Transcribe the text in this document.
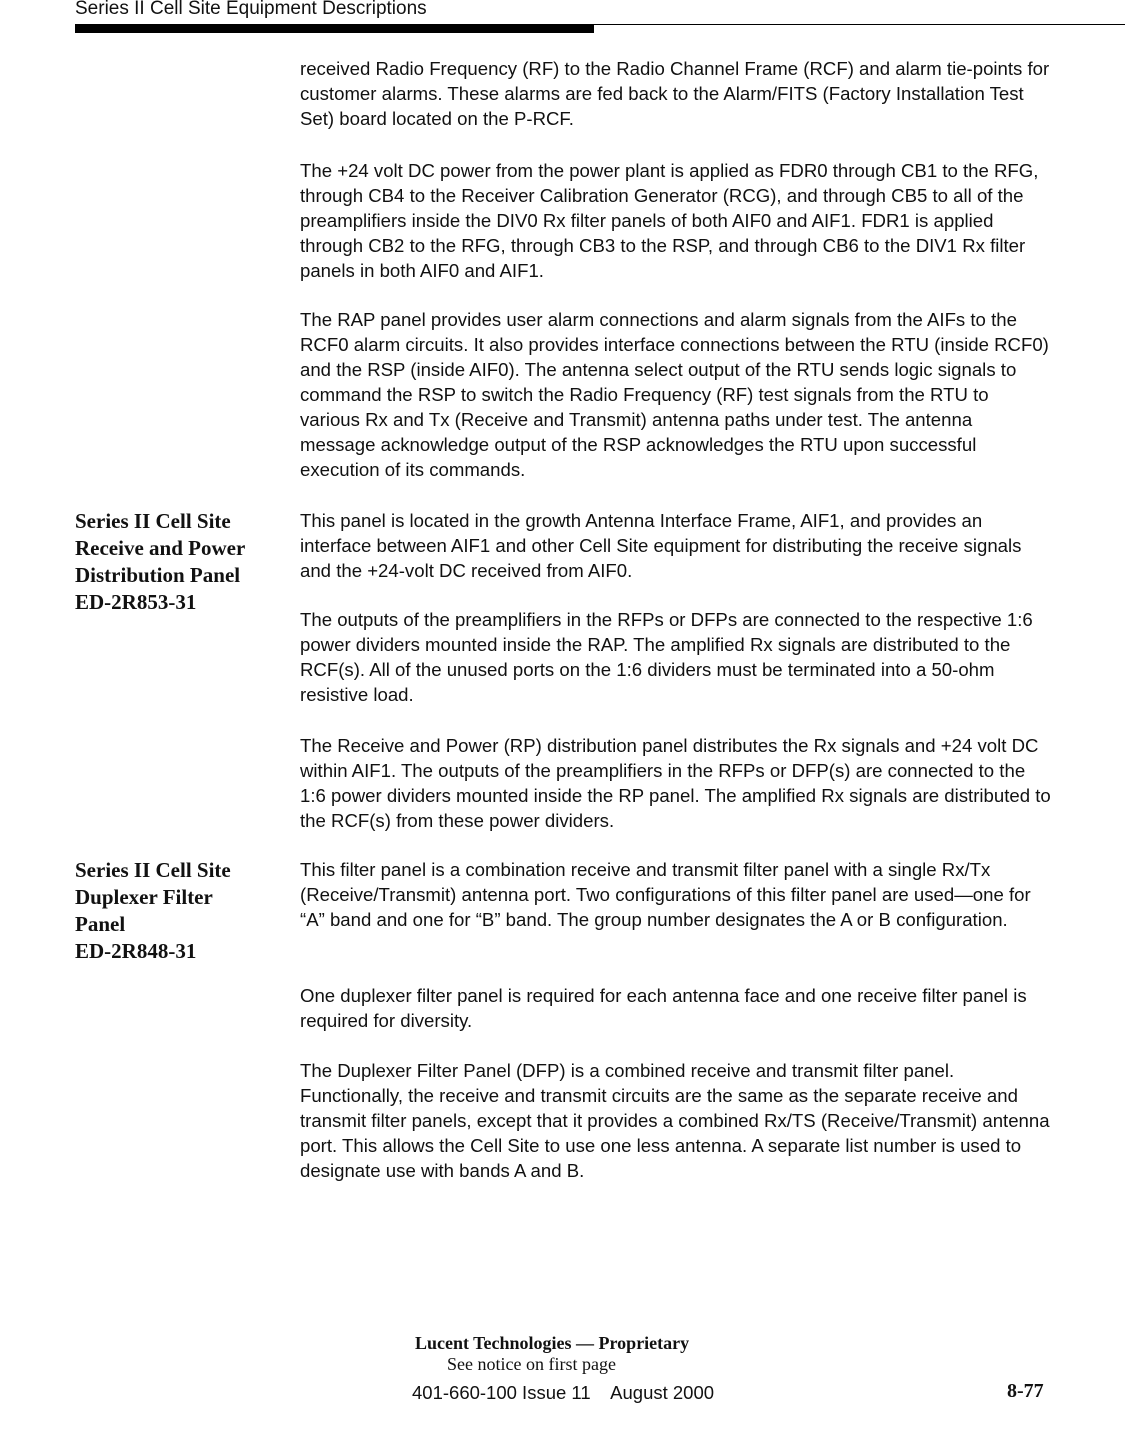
Series II Cell Site Equipment Descriptions

received Radio Frequency (RF) to the Radio Channel Frame (RCF) and alarm tie-points for customer alarms. These alarms are fed back to the Alarm/FITS (Factory Installation Test Set) board located on the P-RCF.

The +24 volt DC power from the power plant is applied as FDR0 through CB1 to the RFG, through CB4 to the Receiver Calibration Generator (RCG), and through CB5 to all of the preamplifiers inside the DIV0 Rx filter panels of both AIF0 and AIF1. FDR1 is applied through CB2 to the RFG, through CB3 to the RSP, and through CB6 to the DIV1 Rx filter panels in both AIF0 and AIF1.

The RAP panel provides user alarm connections and alarm signals from the AIFs to the RCF0 alarm circuits. It also provides interface connections between the RTU (inside RCF0) and the RSP (inside AIF0). The antenna select output of the RTU sends logic signals to command the RSP to switch the Radio Frequency (RF) test signals from the RTU to various Rx and Tx (Receive and Transmit) antenna paths under test. The antenna message acknowledge output of the RSP acknowledges the RTU upon successful execution of its commands.

Series II Cell Site
Receive and Power
Distribution Panel
ED-2R853-31

This panel is located in the growth Antenna Interface Frame, AIF1, and provides an interface between AIF1 and other Cell Site equipment for distributing the receive signals and the +24-volt DC received from AIF0.

The outputs of the preamplifiers in the RFPs or DFPs are connected to the respective 1:6 power dividers mounted inside the RAP. The amplified Rx signals are distributed to the RCF(s). All of the unused ports on the 1:6 dividers must be terminated into a 50-ohm resistive load.

The Receive and Power (RP) distribution panel distributes the Rx signals and +24 volt DC within AIF1. The outputs of the preamplifiers in the RFPs or DFP(s) are connected to the 1:6 power dividers mounted inside the RP panel. The amplified Rx signals are distributed to the RCF(s) from these power dividers.

Series II Cell Site
Duplexer Filter
Panel
ED-2R848-31

This filter panel is a combination receive and transmit filter panel with a single Rx/Tx (Receive/Transmit) antenna port. Two configurations of this filter panel are used—one for “A” band and one for “B” band. The group number designates the A or B configuration.

One duplexer filter panel is required for each antenna face and one receive filter panel is required for diversity.

The Duplexer Filter Panel (DFP) is a combined receive and transmit filter panel. Functionally, the receive and transmit circuits are the same as the separate receive and transmit filter panels, except that it provides a combined Rx/TS (Receive/Transmit) antenna port. This allows the Cell Site to use one less antenna. A separate list number is used to designate use with bands A and B.

Lucent Technologies — Proprietary
See notice on first page
401-660-100 Issue 11    August 2000	8-77
